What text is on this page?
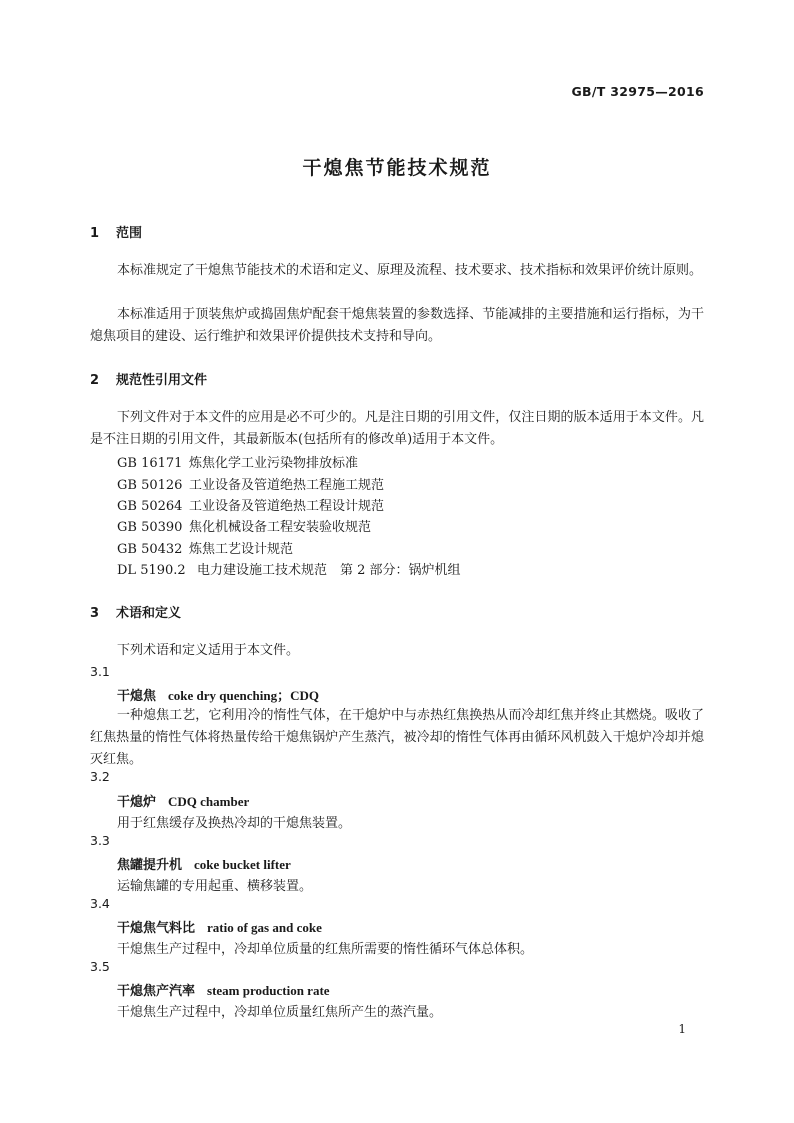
GB/T 32975—2016
干熄焦节能技术规范
1 范围
本标准规定了干熄焦节能技术的术语和定义、原理及流程、技术要求、技术指标和效果评价统计原则。
本标准适用于顶装焦炉或捣固焦炉配套干熄焦装置的参数选择、节能减排的主要措施和运行指标，为干熄焦项目的建设、运行维护和效果评价提供技术支持和导向。
2 规范性引用文件
下列文件对于本文件的应用是必不可少的。凡是注日期的引用文件，仅注日期的版本适用于本文件。凡是不注日期的引用文件，其最新版本(包括所有的修改单)适用于本文件。
GB 16171 炼焦化学工业污染物排放标准
GB 50126 工业设备及管道绝热工程施工规范
GB 50264 工业设备及管道绝热工程设计规范
GB 50390 焦化机械设备工程安装验收规范
GB 50432 炼焦工艺设计规范
DL 5190.2 电力建设施工技术规范　第 2 部分：锅炉机组
3 术语和定义
下列术语和定义适用于本文件。
3.1
干熄焦 coke dry quenching；CDQ
一种熄焦工艺，它利用冷的惰性气体，在干熄炉中与赤热红焦换热从而冷却红焦并终止其燃烧。吸收了红焦热量的惰性气体将热量传给干熄焦锅炉产生蒸汽，被冷却的惰性气体再由循环风机鼓入干熄炉冷却并熄灭红焦。
3.2
干熄炉 CDQ chamber
用于红焦缓存及换热冷却的干熄焦装置。
3.3
焦罐提升机 coke bucket lifter
运输焦罐的专用起重、横移装置。
3.4
干熄焦气料比 ratio of gas and coke
干熄焦生产过程中，冷却单位质量的红焦所需要的惰性循环气体总体积。
3.5
干熄焦产汽率 steam production rate
干熄焦生产过程中，冷却单位质量红焦所产生的蒸汽量。
1
